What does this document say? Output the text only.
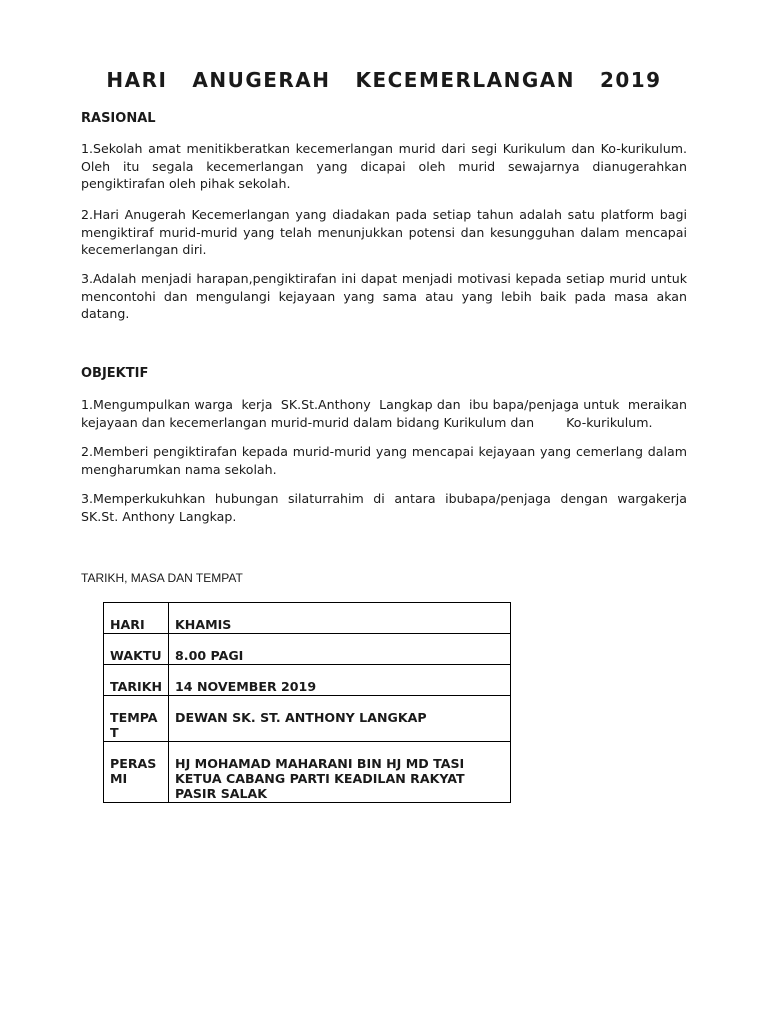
HARI  ANUGERAH  KECEMERLANGAN  2019
RASIONAL

1.Sekolah amat menitikberatkan kecemerlangan murid dari segi Kurikulum dan Ko-kurikulum. Oleh itu segala kecemerlangan yang dicapai oleh murid sewajarnya dianugerahkan pengiktirafan oleh pihak sekolah.

2.Hari Anugerah Kecemerlangan yang diadakan pada setiap tahun adalah satu platform bagi mengiktiraf murid-murid yang telah menunjukkan potensi dan kesungguhan dalam mencapai kecemerlangan diri.

3.Adalah menjadi harapan,pengiktirafan ini dapat menjadi motivasi kepada setiap murid untuk mencontohi dan mengulangi kejayaan yang sama atau yang lebih baik pada masa akan datang.

OBJEKTIF

1.Mengumpulkan warga  kerja  SK.St.Anthony  Langkap dan  ibu bapa/penjaga untuk  meraikan kejayaan dan kecemerlangan murid-murid dalam bidang Kurikulum dan        Ko-kurikulum.

2.Memberi pengiktirafan kepada murid-murid yang mencapai kejayaan yang cemerlang dalam mengharumkan nama sekolah.

3.Memperkukuhkan hubungan silaturrahim di antara ibubapa/penjaga dengan wargakerja SK.St. Anthony Langkap.

TARIKH, MASA DAN TEMPAT
HARI	KHAMIS
WAKTU	8.00 PAGI
TARIKH	14 NOVEMBER 2019
TEMPAT	DEWAN SK. ST. ANTHONY LANGKAP
PERASMI	HJ MOHAMAD MAHARANI BIN HJ MD TASI
KETUA CABANG PARTI KEADILAN RAKYAT
PASIR SALAK
